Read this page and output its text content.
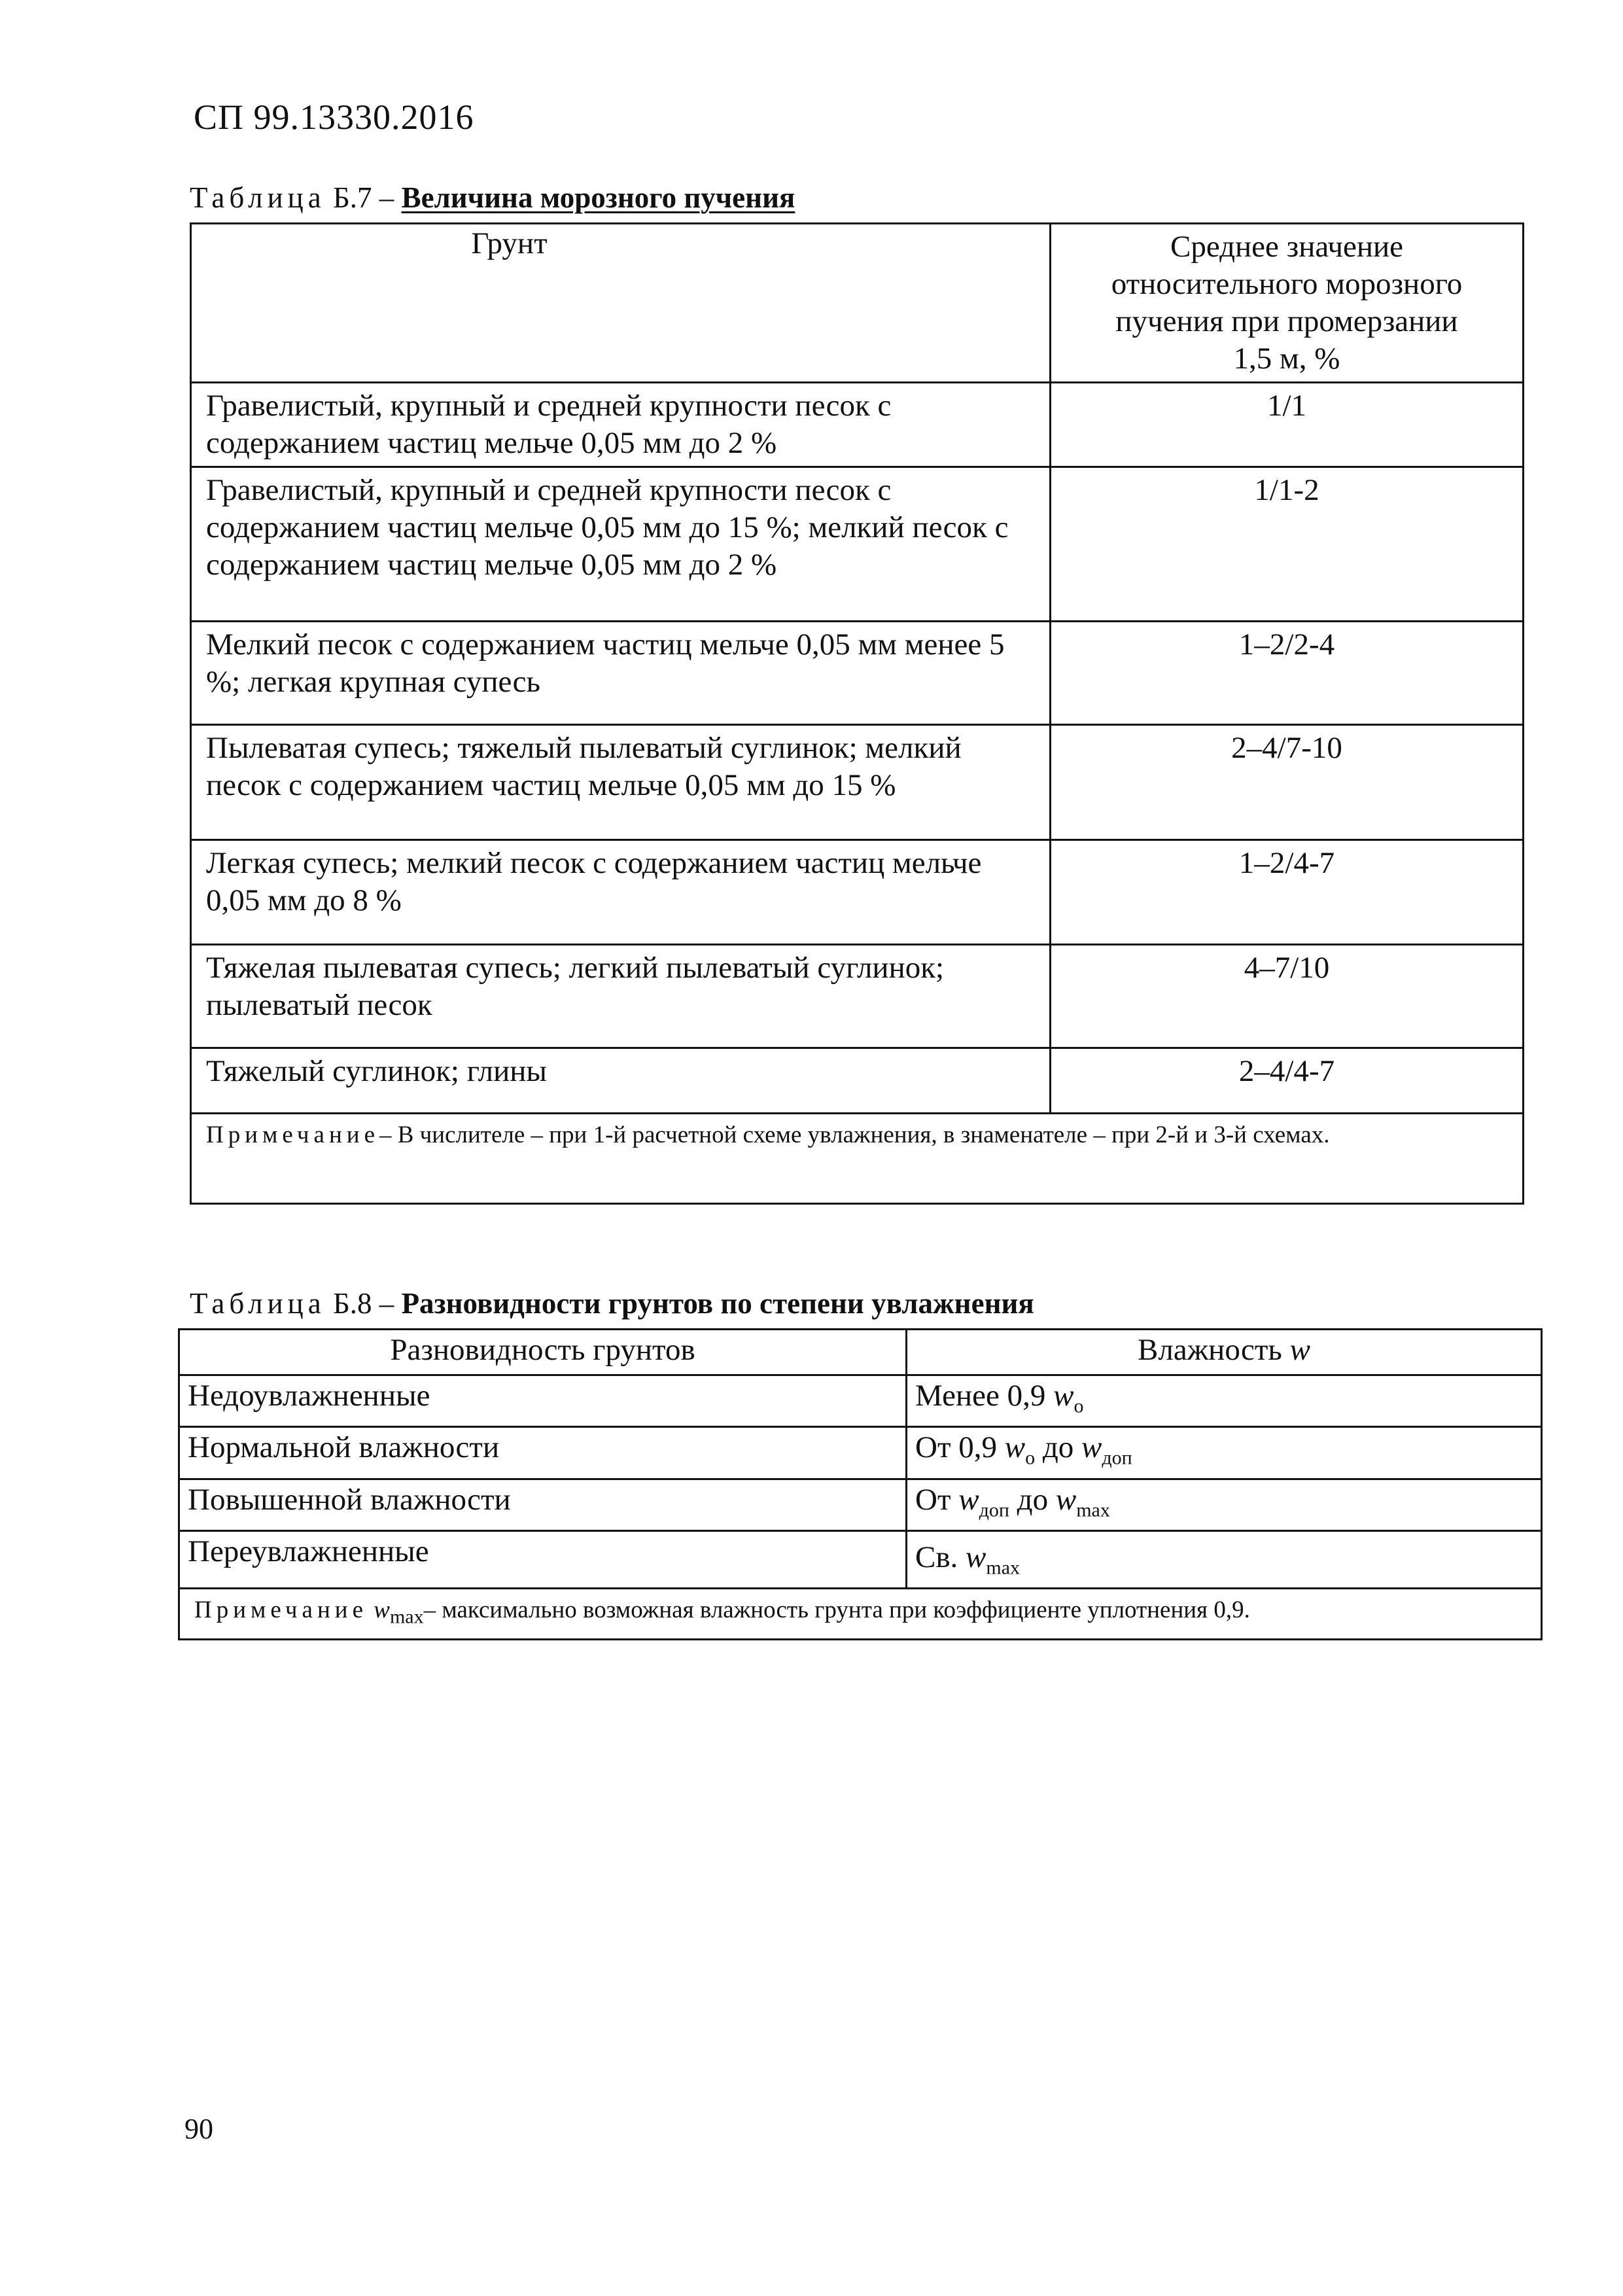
СП 99.13330.2016
Таблица Б.7 – Величина морозного пучения
Грунт	Среднее значение относительного морозного пучения при промерзании 1,5 м, %
Гравелистый, крупный и средней крупности песок с содержанием частиц мельче 0,05 мм до 2 %	1/1
Гравелистый, крупный и средней крупности песок с содержанием частиц мельче 0,05 мм до 15 %; мелкий песок с содержанием частиц мельче 0,05 мм до 2 %	1/1-2
Мелкий песок с содержанием частиц мельче 0,05 мм менее 5 %; легкая крупная супесь	1–2/2-4
Пылеватая супесь; тяжелый пылеватый суглинок; мелкий песок с содержанием частиц мельче 0,05 мм до 15 %	2–4/7-10
Легкая супесь; мелкий песок с содержанием частиц мельче 0,05 мм до 8 %	1–2/4-7
Тяжелая пылеватая супесь; легкий пылеватый суглинок; пылеватый песок	4–7/10
Тяжелый суглинок; глины	2–4/4-7
Примечание– В числителе – при 1-й расчетной схеме увлажнения, в знаменателе – при 2-й и 3-й схемах.	
Таблица Б.8 – Разновидности грунтов по степени увлажнения
Разновидность грунтов	Влажность w
Недоувлажненные	Менее 0,9 $w_о$
Нормальной влажности	От 0,9 $w_о$ до $w_{доп}$
Повышенной влажности	От $w_{доп}$ до $w_{max}$
Переувлажненные	Св. $w_{max}$
Примечание $w_{max}-$ максимально возможная влажность грунта при коэффициенте уплотнения 0,9.	
90
